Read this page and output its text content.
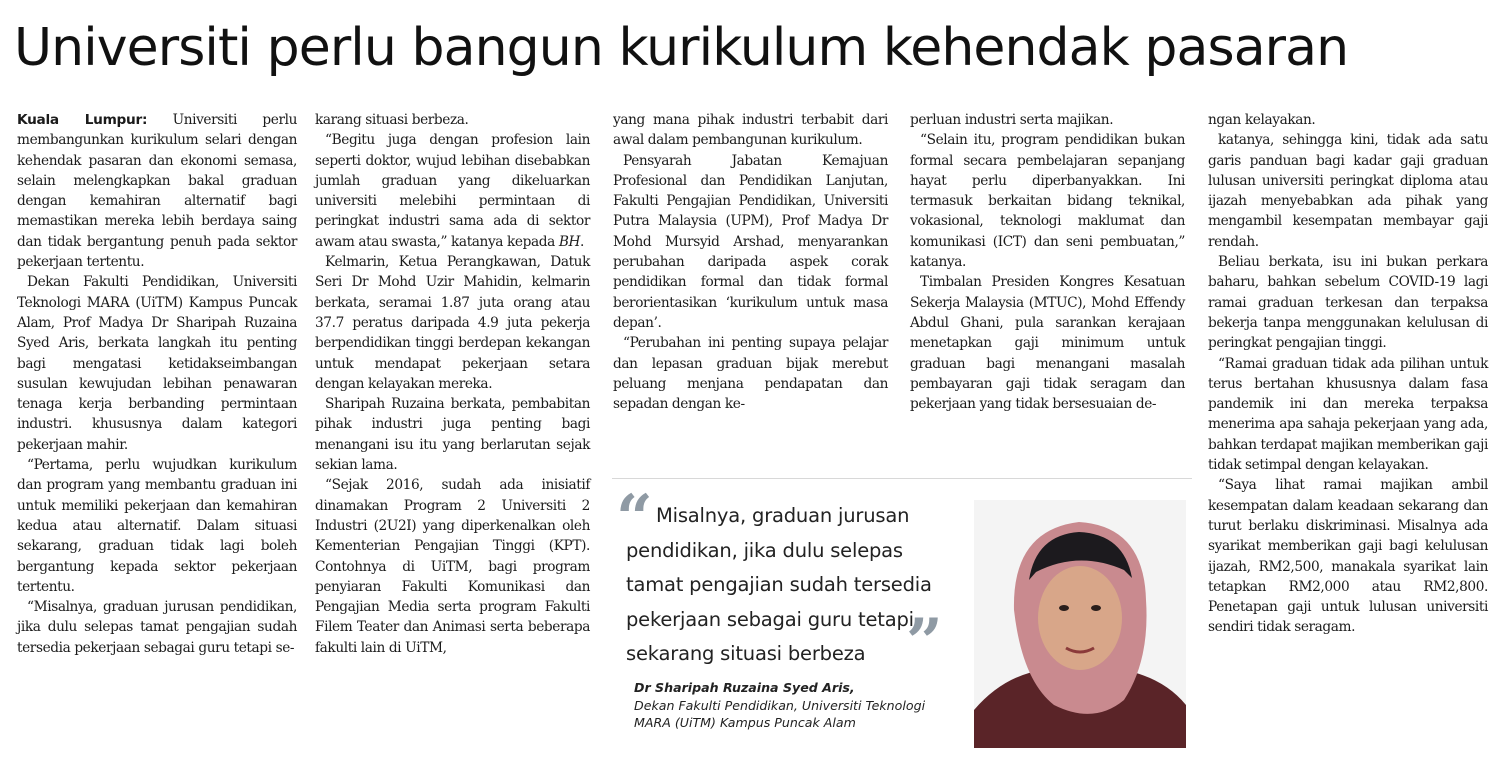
Universiti perlu bangun kurikulum kehendak pasaran

Kuala Lumpur: Universiti perlu membangunkan kurikulum selari dengan kehendak pasaran dan ekonomi semasa, selain melengkapkan bakal graduan dengan kemahiran alternatif bagi memastikan mereka lebih berdaya saing dan tidak bergantung penuh pada sektor pekerjaan tertentu.

Dekan Fakulti Pendidikan, Universiti Teknologi MARA (UiTM) Kampus Puncak Alam, Prof Madya Dr Sharipah Ruzaina Syed Aris, berkata langkah itu penting bagi mengatasi ketidakseimbangan susulan kewujudan lebihan penawaran tenaga kerja berbanding permintaan industri. khususnya dalam kategori pekerjaan mahir.

“Pertama, perlu wujudkan kurikulum dan program yang membantu graduan ini untuk memiliki pekerjaan dan kemahiran kedua atau alternatif. Dalam situasi sekarang, graduan tidak lagi boleh bergantung kepada sektor pekerjaan tertentu.

“Misalnya, graduan jurusan pendidikan, jika dulu selepas tamat pengajian sudah tersedia pekerjaan sebagai guru tetapi se-

karang situasi berbeza.

“Begitu juga dengan profesion lain seperti doktor, wujud lebihan disebabkan jumlah graduan yang dikeluarkan universiti melebihi permintaan di peringkat industri sama ada di sektor awam atau swasta,” katanya kepada BH.

Kelmarin, Ketua Perangkawan, Datuk Seri Dr Mohd Uzir Mahidin, kelmarin berkata, seramai 1.87 juta orang atau 37.7 peratus daripada 4.9 juta pekerja berpendidikan tinggi berdepan kekangan untuk mendapat pekerjaan setara dengan kelayakan mereka.

Sharipah Ruzaina berkata, pembabitan pihak industri juga penting bagi menangani isu itu yang berlarutan sejak sekian lama.

“Sejak 2016, sudah ada inisiatif dinamakan Program 2 Universiti 2 Industri (2U2I) yang diperkenalkan oleh Kementerian Pengajian Tinggi (KPT). Contohnya di UiTM, bagi program penyiaran Fakulti Komunikasi dan Pengajian Media serta program Fakulti Filem Teater dan Animasi serta beberapa fakulti lain di UiTM,

yang mana pihak industri terbabit dari awal dalam pembangunan kurikulum.

Pensyarah Jabatan Kemajuan Profesional dan Pendidikan Lanjutan, Fakulti Pengajian Pendidikan, Universiti Putra Malaysia (UPM), Prof Madya Dr Mohd Mursyid Arshad, menyarankan perubahan daripada aspek corak pendidikan formal dan tidak formal berorientasikan ‘kurikulum untuk masa depan’.

“Perubahan ini penting supaya pelajar dan lepasan graduan bijak merebut peluang menjana pendapatan dan sepadan dengan ke-

perluan industri serta majikan.

“Selain itu, program pendidikan bukan formal secara pembelajaran sepanjang hayat perlu diperbanyakkan. Ini termasuk berkaitan bidang teknikal, vokasional, teknologi maklumat dan komunikasi (ICT) dan seni pembuatan,” katanya.

Timbalan Presiden Kongres Kesatuan Sekerja Malaysia (MTUC), Mohd Effendy Abdul Ghani, pula sarankan kerajaan menetapkan gaji minimum untuk graduan bagi menangani masalah pembayaran gaji tidak seragam dan pekerjaan yang tidak bersesuaian de-

ngan kelayakan.

katanya, sehingga kini, tidak ada satu garis panduan bagi kadar gaji graduan lulusan universiti peringkat diploma atau ijazah menyebabkan ada pihak yang mengambil kesempatan membayar gaji rendah.

Beliau berkata, isu ini bukan perkara baharu, bahkan sebelum COVID-19 lagi ramai graduan terkesan dan terpaksa bekerja tanpa menggunakan kelulusan di peringkat pengajian tinggi.

“Ramai graduan tidak ada pilihan untuk terus bertahan khususnya dalam fasa pandemik ini dan mereka terpaksa menerima apa sahaja pekerjaan yang ada, bahkan terdapat majikan memberikan gaji tidak setimpal dengan kelayakan.

“Saya lihat ramai majikan ambil kesempatan dalam keadaan sekarang dan turut berlaku diskriminasi. Misalnya ada syarikat memberikan gaji bagi kelulusan ijazah, RM2,500, manakala syarikat lain tetapkan RM2,000 atau RM2,800. Penetapan gaji untuk lulusan universiti sendiri tidak seragam.

“ Misalnya, graduan jurusan
pendidikan, jika dulu selepas
tamat pengajian sudah tersedia
pekerjaan sebagai guru tetapi
sekarang situasi berbeza ”
Dr Sharipah Ruzaina Syed Aris,
Dekan Fakulti Pendidikan, Universiti Teknologi
MARA (UiTM) Kampus Puncak Alam
